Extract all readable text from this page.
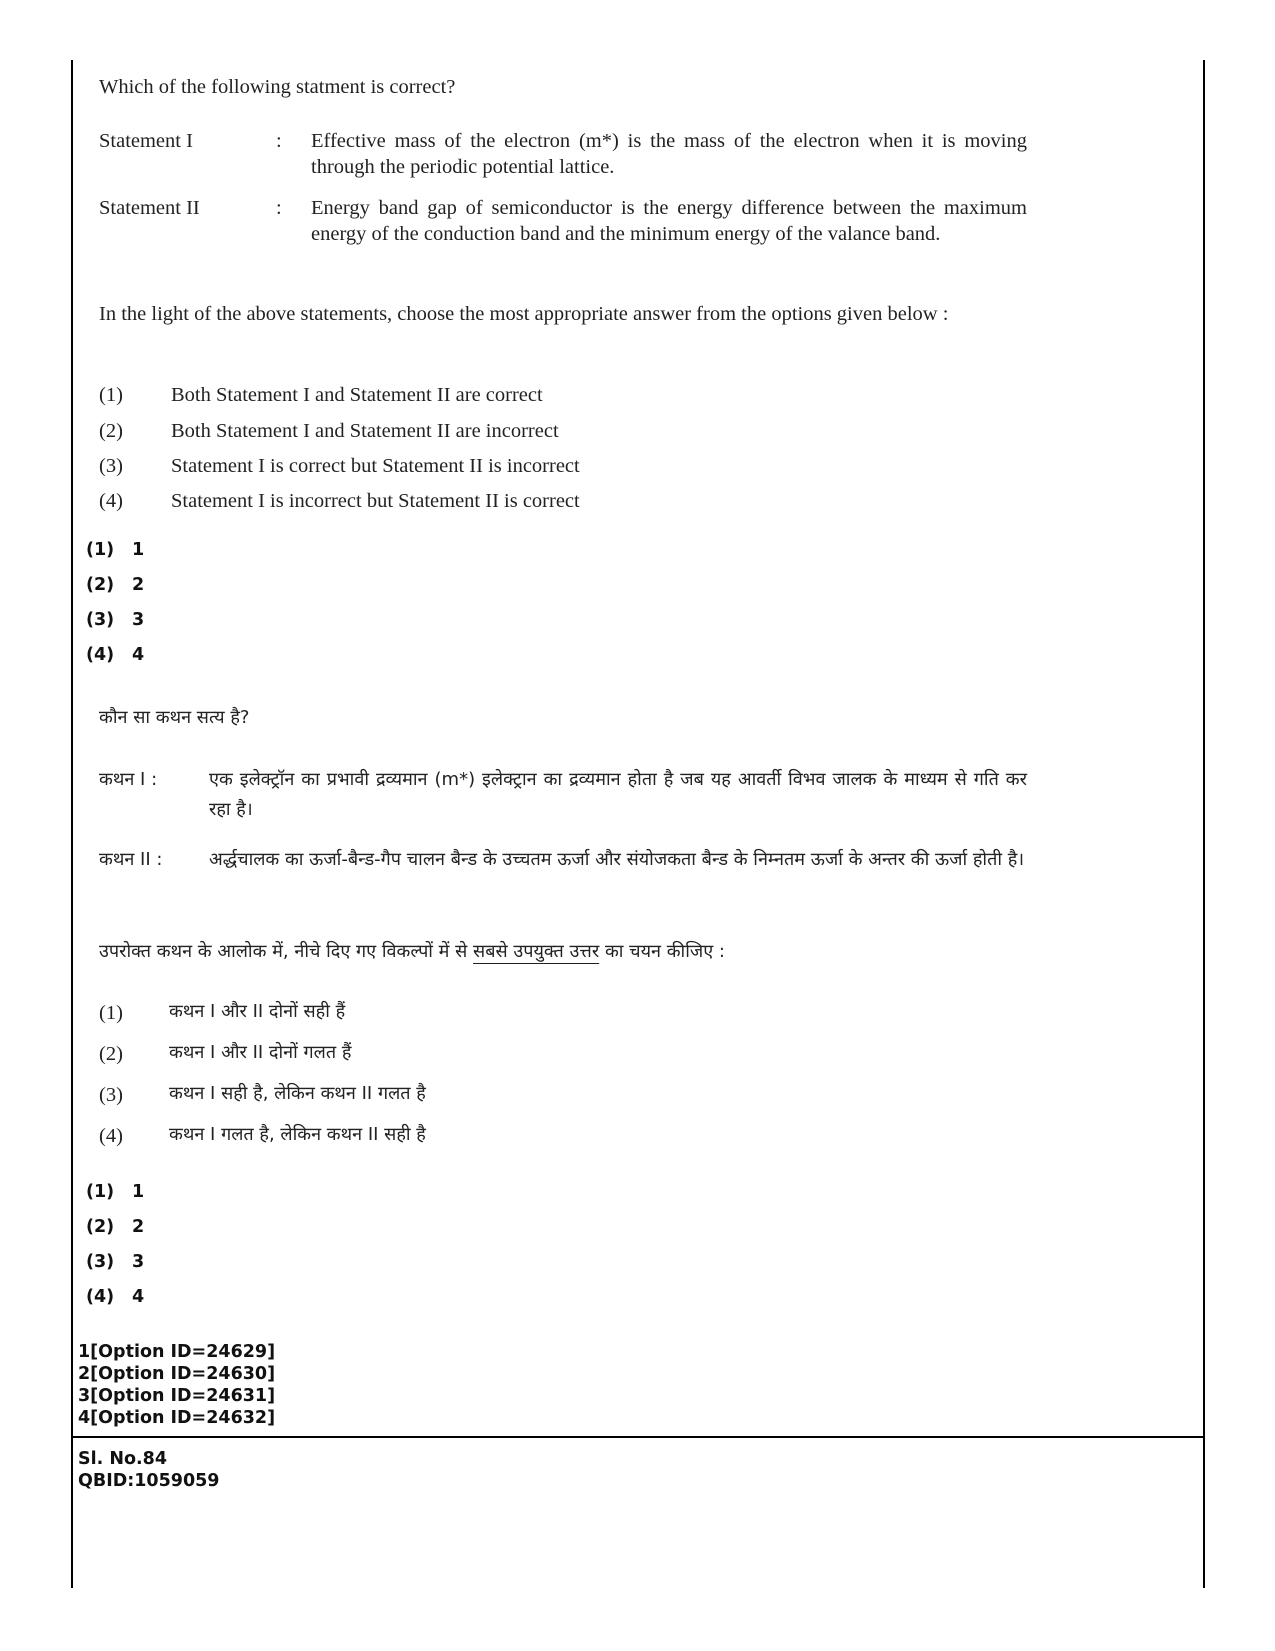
Which of the following statment is correct?
Statement I	: Effective mass of the electron (m*) is the mass of the electron when it is moving through the periodic potential lattice.
Statement II	: Energy band gap of semiconductor is the energy difference between the maximum energy of the conduction band and the minimum energy of the valance band.
In the light of the above statements, choose the most appropriate answer from the options given below :
(1) Both Statement I and Statement II are correct
(2) Both Statement I and Statement II are incorrect
(3) Statement I is correct but Statement II is incorrect
(4) Statement I is incorrect but Statement II is correct
(1) 1
(2) 2
(3) 3
(4) 4
कौन सा कथन सत्य है?
कथन I :	एक इलेक्ट्रॉन का प्रभावी द्रव्यमान (m*) इलेक्ट्रान का द्रव्यमान होता है जब यह आवर्ती विभव जालक के माध्यम से गति कर रहा है।
कथन II :	अर्द्धचालक का ऊर्जा-बैन्ड-गैप चालन बैन्ड के उच्चतम ऊर्जा और संयोजकता बैन्ड के निम्नतम ऊर्जा के अन्तर की ऊर्जा होती है।
उपरोक्त कथन के आलोक में, नीचे दिए गए विकल्पों में से सबसे उपयुक्त उत्तर का चयन कीजिए :
(1)	कथन I और II दोनों सही हैं
(2)	कथन I और II दोनों गलत हैं
(3)	कथन I सही है, लेकिन कथन II गलत है
(4)	कथन I गलत है, लेकिन कथन II सही है
(1) 1
(2) 2
(3) 3
(4) 4
1[Option ID=24629]
2[Option ID=24630]
3[Option ID=24631]
4[Option ID=24632]
Sl. No.84
QBID:1059059
